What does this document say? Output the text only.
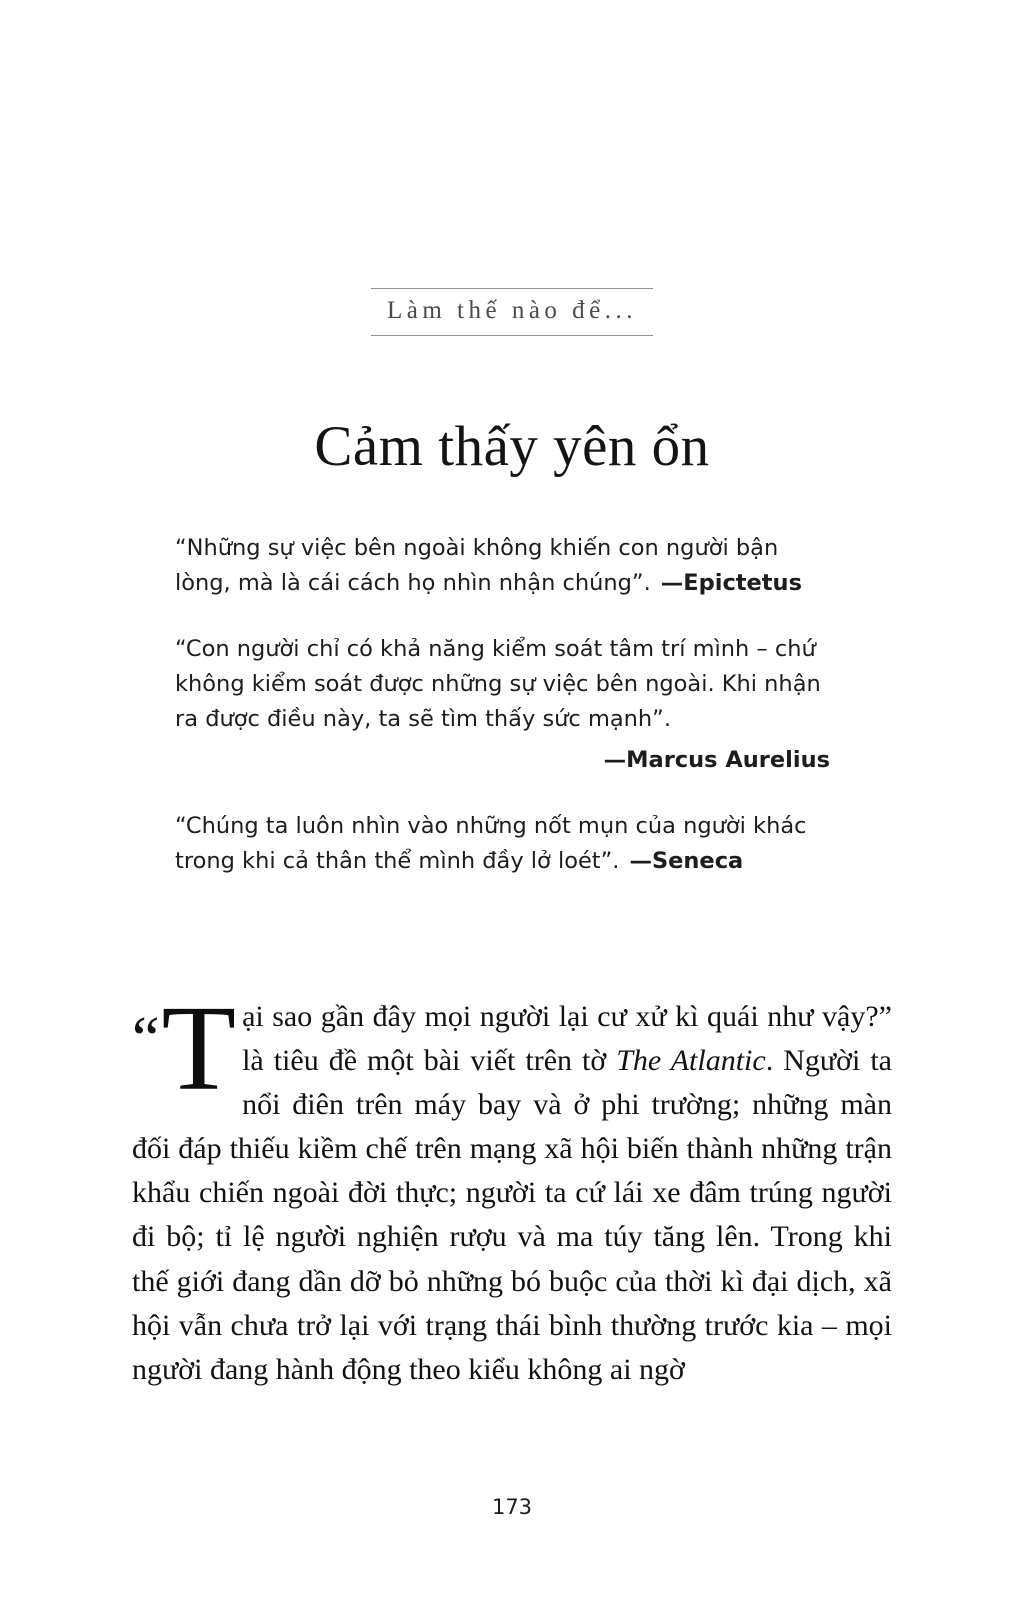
Làm thế nào để...
Cảm thấy yên ổn

“Những sự việc bên ngoài không khiến con người bận lòng, mà là cái cách họ nhìn nhận chúng”. —Epictetus

“Con người chỉ có khả năng kiểm soát tâm trí mình – chứ không kiểm soát được những sự việc bên ngoài. Khi nhận ra được điều này, ta sẽ tìm thấy sức mạnh”.
—Marcus Aurelius

“Chúng ta luôn nhìn vào những nốt mụn của người khác trong khi cả thân thể mình đầy lở loét”. —Seneca

“ T ại sao gần đây mọi người lại cư xử kì quái như vậy?” là tiêu đề một bài viết trên tờ The Atlantic. Người ta nổi điên trên máy bay và ở phi trường; những màn đối đáp thiếu kiềm chế trên mạng xã hội biến thành những trận khẩu chiến ngoài đời thực; người ta cứ lái xe đâm trúng người đi bộ; tỉ lệ người nghiện rượu và ma túy tăng lên. Trong khi thế giới đang dần dỡ bỏ những bó buộc của thời kì đại dịch, xã hội vẫn chưa trở lại với trạng thái bình thường trước kia – mọi người đang hành động theo kiểu không ai ngờ
173
